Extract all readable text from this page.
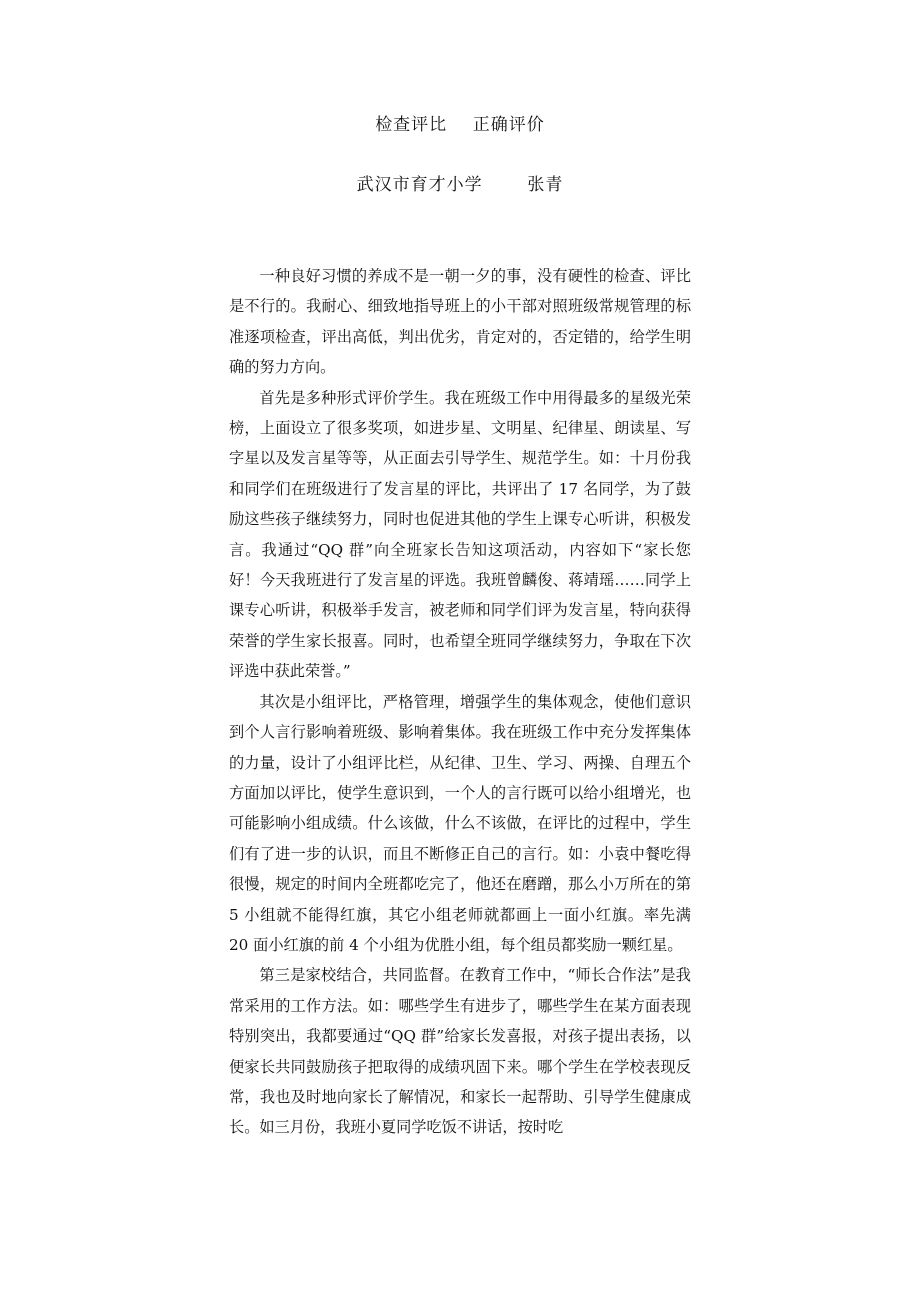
检查评比    正确评价
武汉市育才小学       张青

一种良好习惯的养成不是一朝一夕的事，没有硬性的检查、评比是不行的。我耐心、细致地指导班上的小干部对照班级常规管理的标准逐项检查，评出高低，判出优劣，肯定对的，否定错的，给学生明确的努力方向。

首先是多种形式评价学生。我在班级工作中用得最多的星级光荣榜，上面设立了很多奖项，如进步星、文明星、纪律星、朗读星、写字星以及发言星等等，从正面去引导学生、规范学生。如：十月份我和同学们在班级进行了发言星的评比，共评出了 17 名同学，为了鼓励这些孩子继续努力，同时也促进其他的学生上课专心听讲，积极发言。我通过“QQ 群”向全班家长告知这项活动，内容如下“家长您好！今天我班进行了发言星的评选。我班曾麟俊、蒋靖瑶……同学上课专心听讲，积极举手发言，被老师和同学们评为发言星，特向获得荣誉的学生家长报喜。同时，也希望全班同学继续努力，争取在下次评选中获此荣誉。”

其次是小组评比，严格管理，增强学生的集体观念，使他们意识到个人言行影响着班级、影响着集体。我在班级工作中充分发挥集体的力量，设计了小组评比栏，从纪律、卫生、学习、两操、自理五个方面加以评比，使学生意识到，一个人的言行既可以给小组增光，也可能影响小组成绩。什么该做，什么不该做，在评比的过程中，学生们有了进一步的认识，而且不断修正自己的言行。如：小袁中餐吃得很慢，规定的时间内全班都吃完了，他还在磨蹭，那么小万所在的第 5 小组就不能得红旗，其它小组老师就都画上一面小红旗。率先满 20 面小红旗的前 4 个小组为优胜小组，每个组员都奖励一颗红星。

第三是家校结合，共同监督。在教育工作中，“师长合作法”是我常采用的工作方法。如：哪些学生有进步了，哪些学生在某方面表现特别突出，我都要通过“QQ 群”给家长发喜报，对孩子提出表扬，以便家长共同鼓励孩子把取得的成绩巩固下来。哪个学生在学校表现反常，我也及时地向家长了解情况，和家长一起帮助、引导学生健康成长。如三月份，我班小夏同学吃饭不讲话，按时吃
